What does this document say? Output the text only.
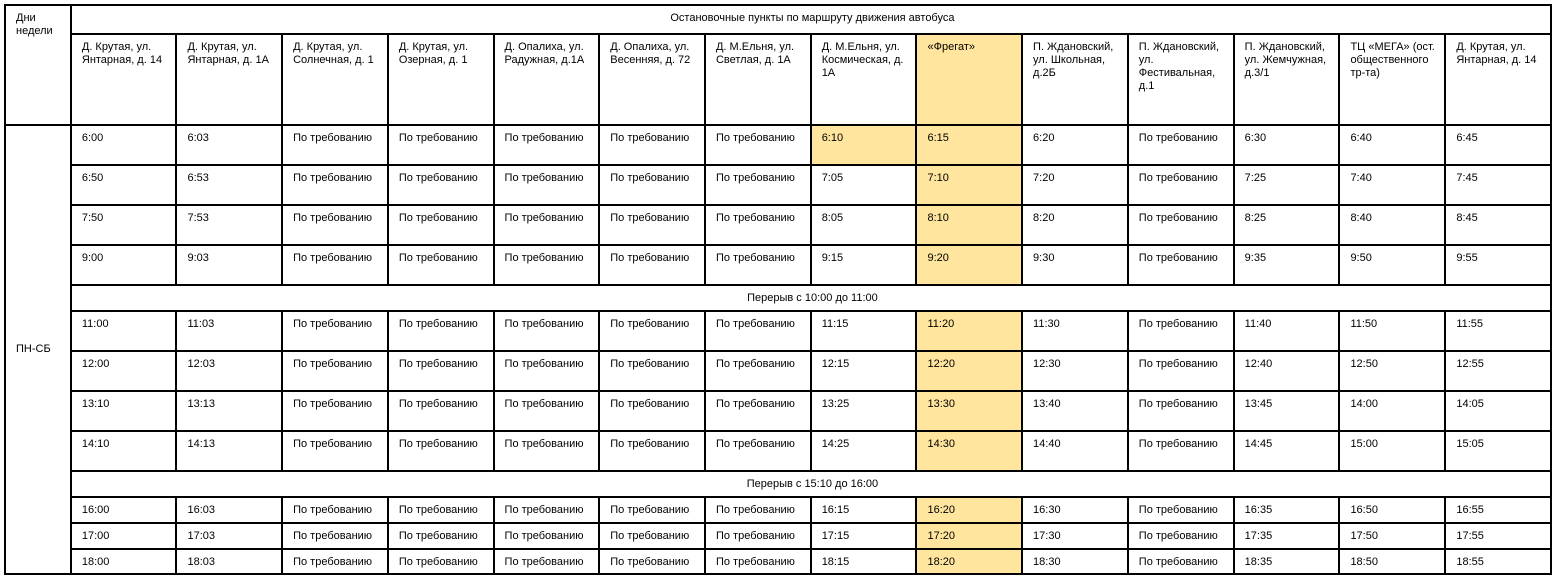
Дни недели	Остановочные пункты по маршруту движения автобуса													
	Д. Крутая, ул. Янтарная, д. 14	Д. Крутая, ул. Янтарная, д. 1А	Д. Крутая, ул. Солнечная, д. 1	Д. Крутая, ул. Озерная, д. 1	Д. Опалиха, ул. Радужная, д.1А	Д. Опалиха, ул. Весенняя, д. 72	Д. М.Ельня, ул. Светлая, д. 1А	Д. М.Ельня, ул. Космическая, д. 1А	«Фрегат»	П. Ждановский, ул. Школьная, д.2Б	П. Ждановский, ул. Фестивальная, д.1	П. Ждановский, ул. Жемчужная, д.3/1	ТЦ «МЕГА» (ост. общественного тр-та)	Д. Крутая, ул. Янтарная, д. 14
ПН-СБ	6:00	6:03	По требованию	По требованию	По требованию	По требованию	По требованию	6:10	6:15	6:20	По требованию	6:30	6:40	6:45
	6:50	6:53	По требованию	По требованию	По требованию	По требованию	По требованию	7:05	7:10	7:20	По требованию	7:25	7:40	7:45
	7:50	7:53	По требованию	По требованию	По требованию	По требованию	По требованию	8:05	8:10	8:20	По требованию	8:25	8:40	8:45
	9:00	9:03	По требованию	По требованию	По требованию	По требованию	По требованию	9:15	9:20	9:30	По требованию	9:35	9:50	9:55
	Перерыв с 10:00 до 11:00													
	11:00	11:03	По требованию	По требованию	По требованию	По требованию	По требованию	11:15	11:20	11:30	По требованию	11:40	11:50	11:55
	12:00	12:03	По требованию	По требованию	По требованию	По требованию	По требованию	12:15	12:20	12:30	По требованию	12:40	12:50	12:55
	13:10	13:13	По требованию	По требованию	По требованию	По требованию	По требованию	13:25	13:30	13:40	По требованию	13:45	14:00	14:05
	14:10	14:13	По требованию	По требованию	По требованию	По требованию	По требованию	14:25	14:30	14:40	По требованию	14:45	15:00	15:05
	Перерыв с 15:10 до 16:00													
	16:00	16:03	По требованию	По требованию	По требованию	По требованию	По требованию	16:15	16:20	16:30	По требованию	16:35	16:50	16:55
	17:00	17:03	По требованию	По требованию	По требованию	По требованию	По требованию	17:15	17:20	17:30	По требованию	17:35	17:50	17:55
	18:00	18:03	По требованию	По требованию	По требованию	По требованию	По требованию	18:15	18:20	18:30	По требованию	18:35	18:50	18:55
